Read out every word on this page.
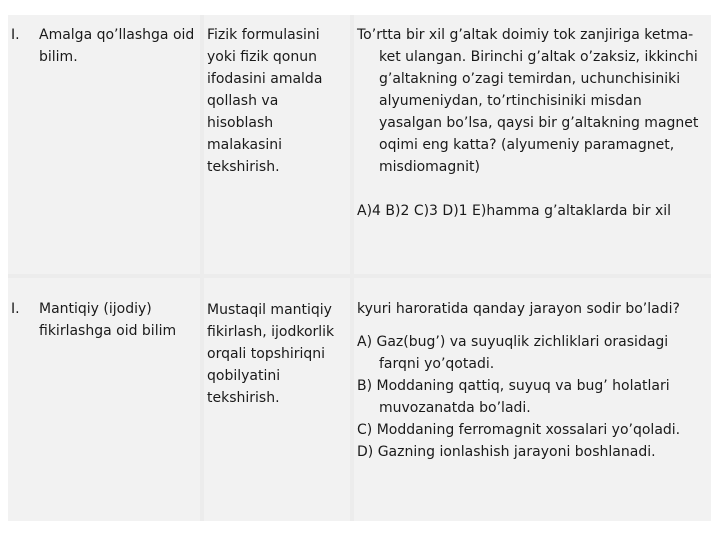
I. Amalga qo’llashga oid bilim.
Fizik formulasini yoki fizik qonun ifodasini amalda qollash va hisoblash malakasini tekshirish.

To’rtta bir xil g’altak doimiy tok zanjiriga ketma-ket ulangan. Birinchi g’altak o’zaksiz, ikkinchi g’altakning o’zagi temirdan, uchunchisiniki alyumeniydan, to’rtinchisiniki misdan yasalgan bo’lsa, qaysi bir g’altakning magnet oqimi eng katta? (alyumeniy paramagnet, misdiomagnit)

A)4 B)2 C)3 D)1 E)hamma g’altaklarda bir xil

I. Mantiqiy (ijodiy) fikirlashga oid bilim
Mustaqil mantiqiy fikirlash, ijodkorlik orqali topshiriqni qobilyatini tekshirish.

kyuri haroratida qanday jarayon sodir bo’ladi?

A) Gaz(bug’) va suyuqlik zichliklari orasidagi farqni yo’qotadi.

B) Moddaning qattiq, suyuq va bug’ holatlari muvozanatda bo’ladi.

C) Moddaning ferromagnit xossalari yo’qoladi.

D) Gazning ionlashish jarayoni boshlanadi.
